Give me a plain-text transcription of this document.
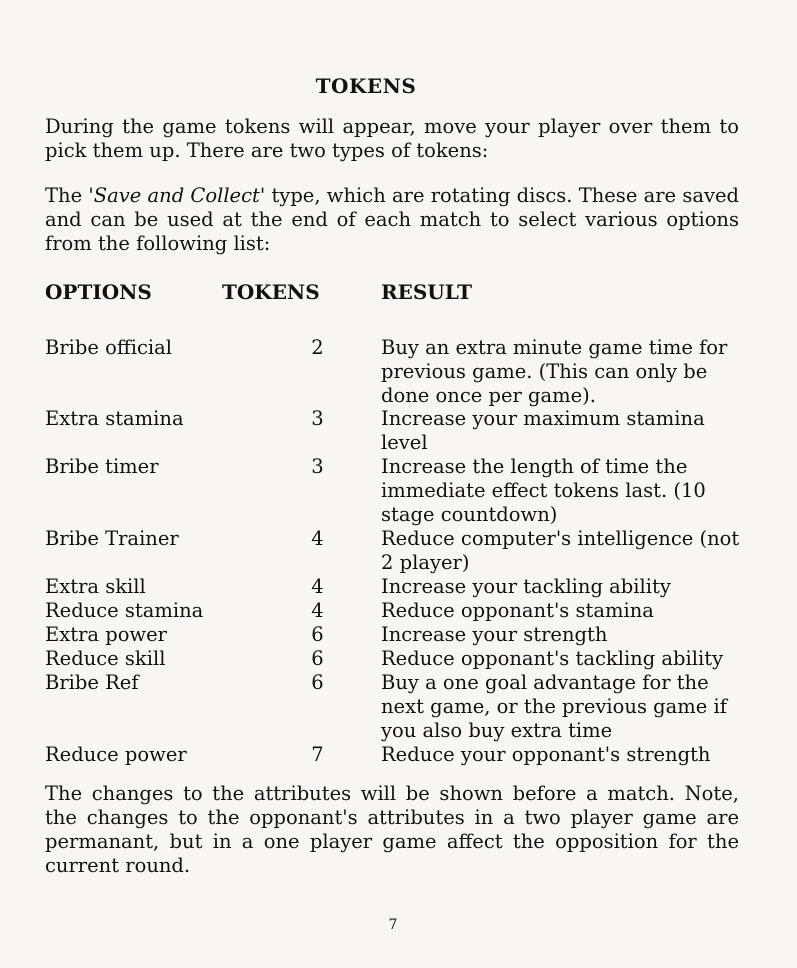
TOKENS
During the game tokens will appear, move your player over them to pick them up. There are two types of tokens:
The 'Save and Collect' type, which are rotating discs. These are saved and can be used at the end of each match to select various options from the following list:
OPTIONS	TOKENS	RESULT
Bribe official	2	Buy an extra minute game time for previous game. (This can only be done once per game).
Extra stamina	3	Increase your maximum stamina level
Bribe timer	3	Increase the length of time the immediate effect tokens last. (10 stage countdown)
Bribe Trainer	4	Reduce computer's intelligence (not 2 player)
Extra skill	4	Increase your tackling ability
Reduce stamina	4	Reduce opponant's stamina
Extra power	6	Increase your strength
Reduce skill	6	Reduce opponant's tackling ability
Bribe Ref	6	Buy a one goal advantage for the next game, or the previous game if you also buy extra time
Reduce power	7	Reduce your opponant's strength
The changes to the attributes will be shown before a match. Note, the changes to the opponant's attributes in a two player game are permanant, but in a one player game affect the opposition for the current round.
7
